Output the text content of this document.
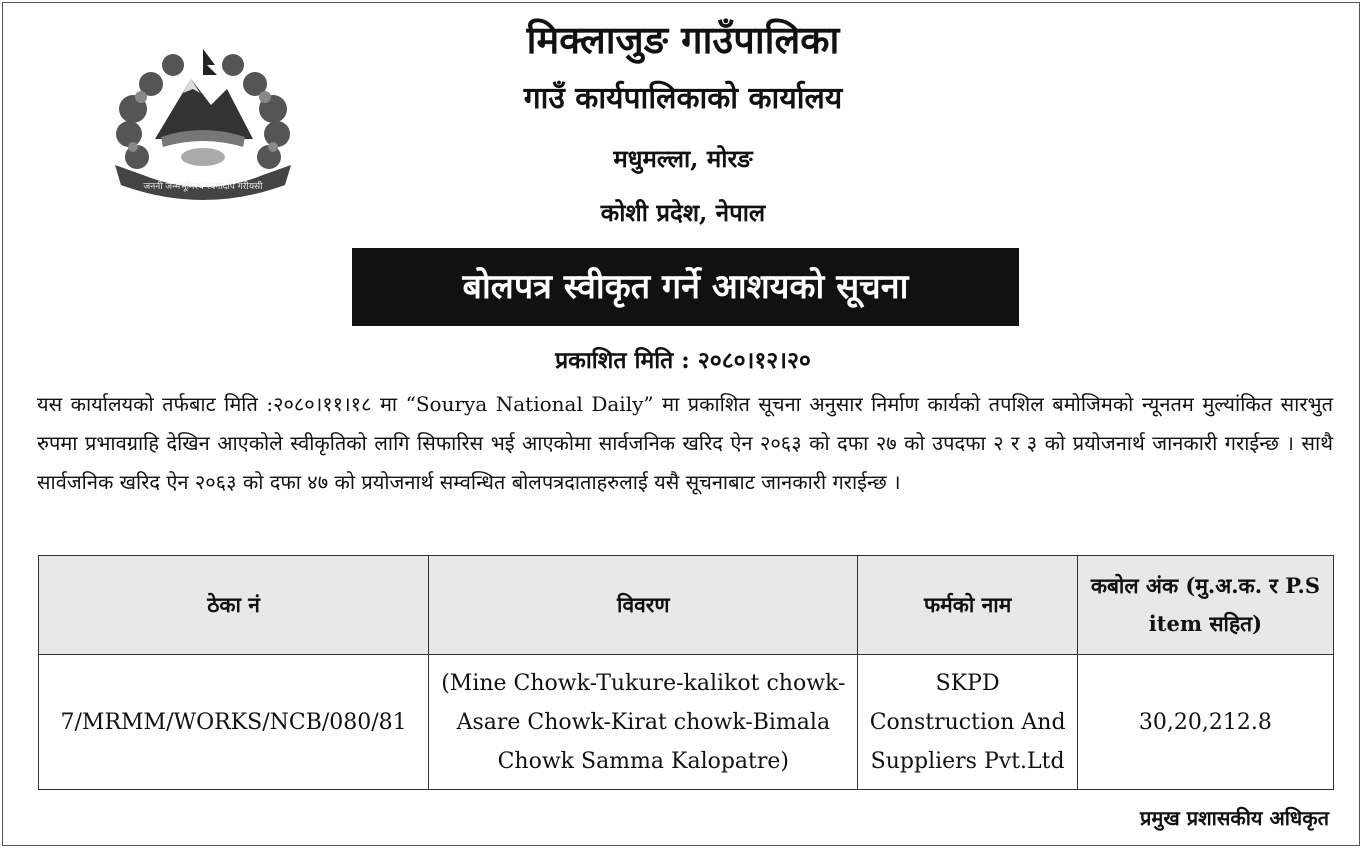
जननी जन्मभूमिश्च स्वर्गादपि गरीयसी
मिक्लाजुङ गाउँपालिका
गाउँ कार्यपालिकाको कार्यालय
मधुमल्ला, मोरङ
कोशी प्रदेश, नेपाल
बोलपत्र स्वीकृत गर्ने आशयको सूचना
प्रकाशित मिति : २०८०।१२।२०

यस कार्यालयको तर्फबाट मिति :२०८०।११।१८ मा “Sourya National Daily” मा प्रकाशित सूचना अनुसार निर्माण कार्यको तपशिल बमोजिमको न्यूनतम मुल्यांकित सारभुत रुपमा प्रभावग्राहि देखिन आएकोले स्वीकृतिको लागि सिफारिस भई आएकोमा सार्वजनिक खरिद ऐन २०६३ को दफा २७ को उपदफा २ र ३ को प्रयोजनार्थ जानकारी गराईन्छ । साथै सार्वजनिक खरिद ऐन २०६३ को दफा ४७ को प्रयोजनार्थ सम्वन्धित बोलपत्रदाताहरुलाई यसै सूचनाबाट जानकारी गराईन्छ ।

ठेका नं	विवरण	फर्मको नाम	कबोल अंक (मु.अ.क. र P.S item सहित)
7/MRMM/WORKS/NCB/080/81	(Mine Chowk-Tukure-kalikot chowk-Asare Chowk-Kirat chowk-Bimala Chowk Samma Kalopatre)	SKPD Construction And Suppliers Pvt.Ltd	30,20,212.8
प्रमुख प्रशासकीय अधिकृत
